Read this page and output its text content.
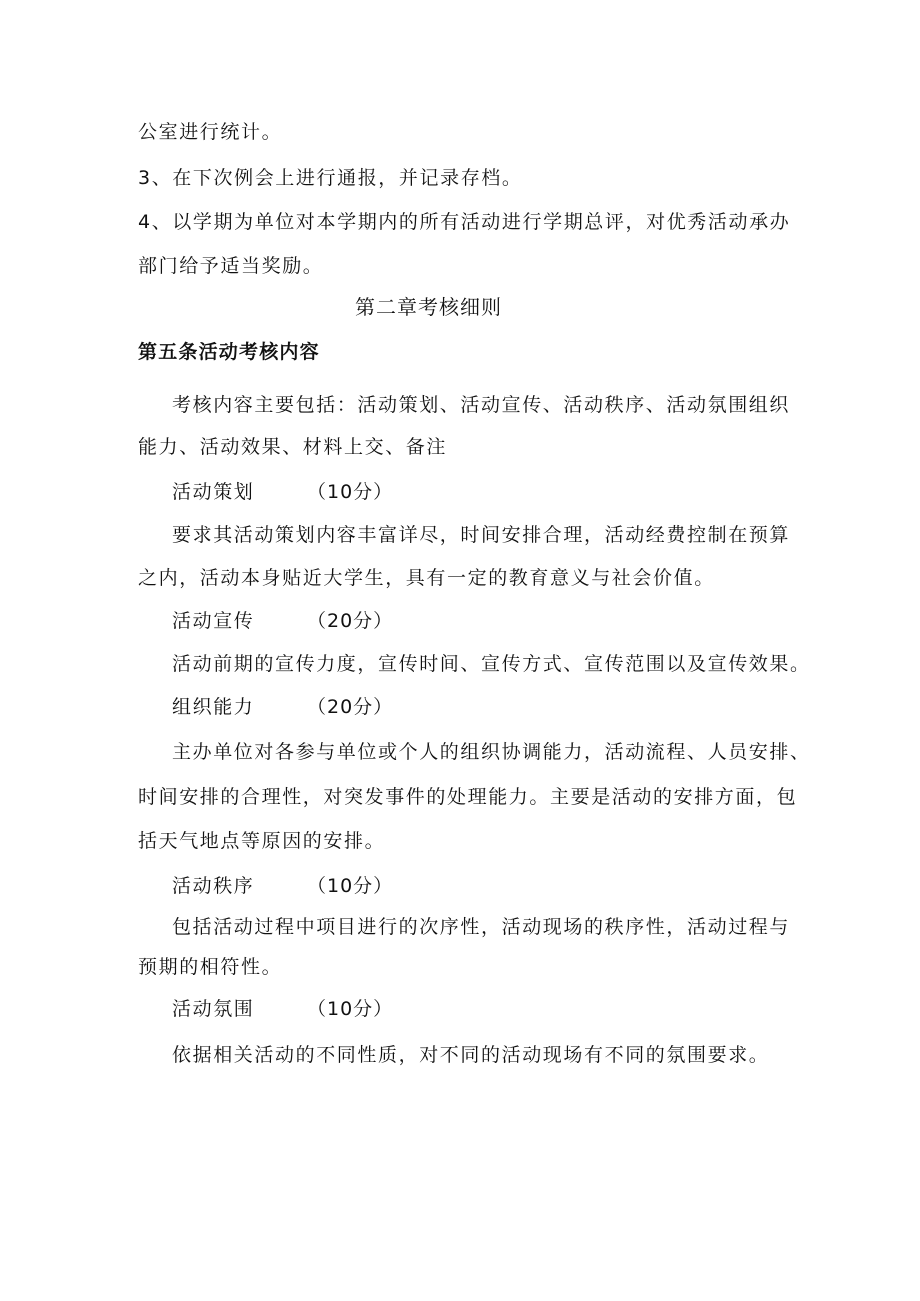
公室进行统计。
3、在下次例会上进行通报，并记录存档。
4、以学期为单位对本学期内的所有活动进行学期总评，对优秀活动承办
部门给予适当奖励。
第二章考核细则
第五条活动考核内容
考核内容主要包括：活动策划、活动宣传、活动秩序、活动氛围组织
能力、活动效果、材料上交、备注
活动策划	（10分）
要求其活动策划内容丰富详尽，时间安排合理，活动经费控制在预算
之内，活动本身贴近大学生，具有一定的教育意义与社会价值。
活动宣传	（20分）
活动前期的宣传力度，宣传时间、宣传方式、宣传范围以及宣传效果。
组织能力	（20分）
主办单位对各参与单位或个人的组织协调能力，活动流程、人员安排、
时间安排的合理性，对突发事件的处理能力。主要是活动的安排方面，包
括天气地点等原因的安排。
活动秩序	（10分）
包括活动过程中项目进行的次序性，活动现场的秩序性，活动过程与
预期的相符性。
活动氛围	（10分）
依据相关活动的不同性质，对不同的活动现场有不同的氛围要求。
